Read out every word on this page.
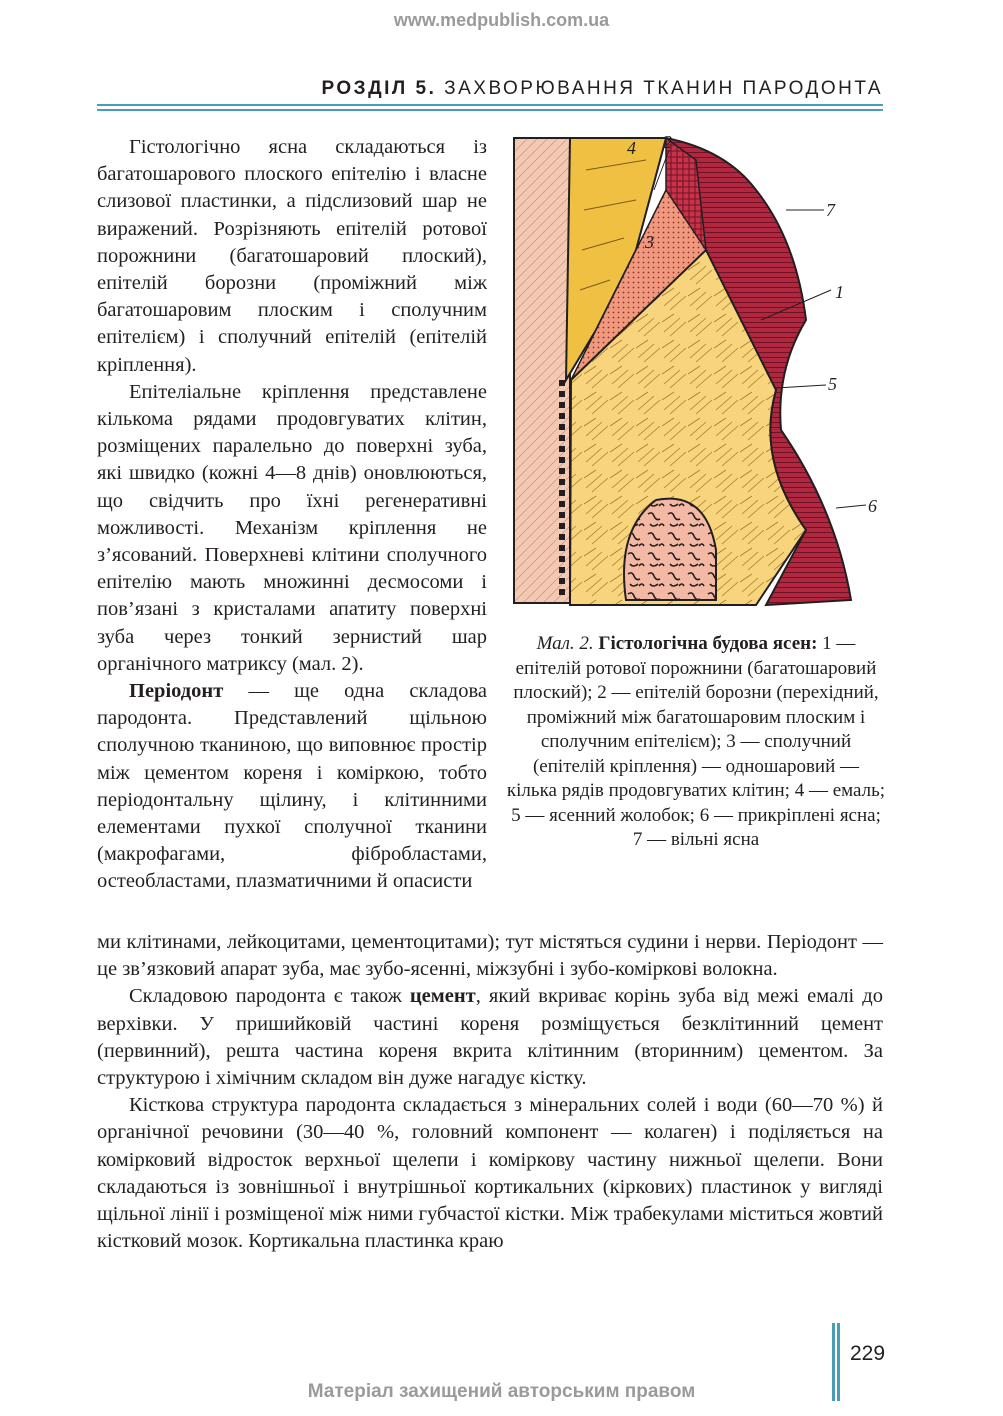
www.medpublish.com.ua
РОЗДІЛ 5. ЗАХВОРЮВАННЯ ТКАНИН ПАРОДОНТА

Гістологічно ясна складаються із багатошарового плоского епітелію і власне слизової пластинки, а підслизовий шар не виражений. Розрізняють епітелій ротової порожнини (багатошаровий плоский), епітелій борозни (проміжний між багатошаровим плоским і сполучним епітелієм) і сполучний епітелій (епітелій кріплення).

Епітеліальне кріплення представлене кількома рядами продовгуватих клітин, розміщених паралельно до поверхні зуба, які швидко (кожні 4—8 днів) оновлюються, що свідчить про їхні регенеративні можливості. Механізм кріплення не з’ясований. Поверхневі клітини сполучного епітелію мають множинні десмосоми і пов’язані з кристалами апатиту поверхні зуба через тонкий зернистий шар органічного матриксу (мал. 2).

Періодонт — ще одна складова пародонта. Представлений щільною сполучною тканиною, що виповнює простір між цементом кореня і коміркою, тобто періодонтальну щілину, і клітинними елементами пухкої сполучної тканини (макрофагами, фібробластами, остеобластами, плазматичними й опасисти

2
4
3
7
1
5
6
Мал. 2. Гістологічна будова ясен: 1 — епітелій ротової порожнини (багатошаровий плоский); 2 — епітелій борозни (перехідний, проміжний між багатошаровим плоским і сполучним епітелієм); 3 — сполучний (епітелій кріплення) — одношаровий — кілька рядів продовгуватих клітин; 4 — емаль; 5 — ясенний жолобок; 6 — прикріплені ясна; 7 — вільні ясна

ми клітинами, лейкоцитами, цементоцитами); тут містяться судини і нерви. Періодонт — це зв’язковий апарат зуба, має зубо-ясенні, міжзубні і зубо-коміркові волокна.

Складовою пародонта є також цемент, який вкриває корінь зуба від межі емалі до верхівки. У пришийковій частині кореня розміщується безклітинний цемент (первинний), решта частина кореня вкрита клітинним (вторинним) цементом. За структурою і хімічним складом він дуже нагадує кістку.

Кісткова структура пародонта складається з мінеральних солей і води (60—70 %) й органічної речовини (30—40 %, головний компонент — колаген) і поділяється на комірковий відросток верхньої щелепи і коміркову частину нижньої щелепи. Вони складаються із зовнішньої і внутрішньої кортикальних (кіркових) пластинок у вигляді щільної лінії і розміщеної між ними губчастої кістки. Між трабекулами міститься жовтий кістковий мозок. Кортикальна пластинка краю

229
Матеріал захищений авторським правом
